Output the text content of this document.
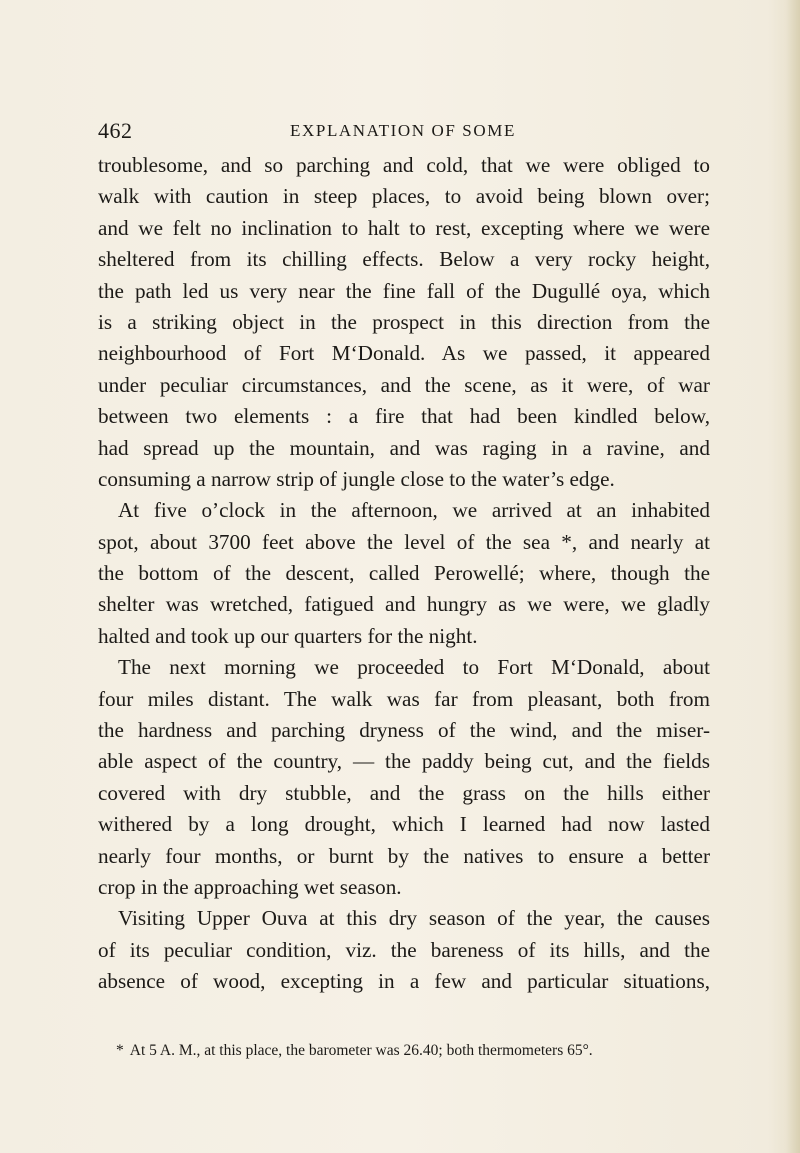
462	EXPLANATION OF SOME
troublesome, and so parching and cold, that we were obliged to
walk with caution in steep places, to avoid being blown over;
and we felt no inclination to halt to rest, excepting where we were
sheltered from its chilling effects. Below a very rocky height,
the path led us very near the fine fall of the Dugullé oya, which
is a striking object in the prospect in this direction from the
neighbourhood of Fort M‘Donald. As we passed, it appeared
under peculiar circumstances, and the scene, as it were, of war
between two elements : a fire that had been kindled below,
had spread up the mountain, and was raging in a ravine, and
consuming a narrow strip of jungle close to the water’s edge.
At five o’clock in the afternoon, we arrived at an inhabited
spot, about 3700 feet above the level of the sea *, and nearly at
the bottom of the descent, called Perowellé; where, though the
shelter was wretched, fatigued and hungry as we were, we gladly
halted and took up our quarters for the night.
The next morning we proceeded to Fort M‘Donald, about
four miles distant. The walk was far from pleasant, both from
the hardness and parching dryness of the wind, and the miser-
able aspect of the country, — the paddy being cut, and the fields
covered with dry stubble, and the grass on the hills either
withered by a long drought, which I learned had now lasted
nearly four months, or burnt by the natives to ensure a better
crop in the approaching wet season.
Visiting Upper Ouva at this dry season of the year, the causes
of its peculiar condition, viz. the bareness of its hills, and the
absence of wood, excepting in a few and particular situations,
* At 5 A. M., at this place, the barometer was 26.40; both thermometers 65°.
